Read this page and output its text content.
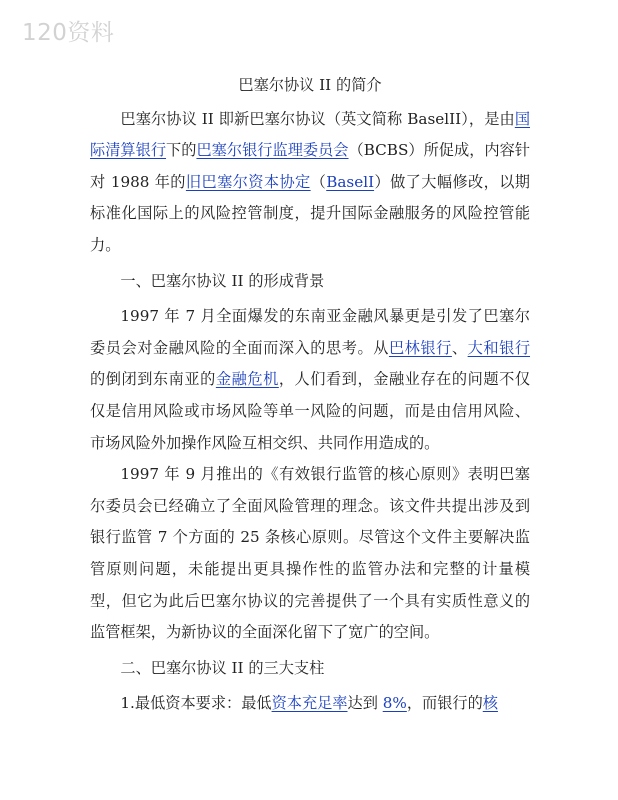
120资料
巴塞尔协议 II 的简介

巴塞尔协议 II 即新巴塞尔协议（英文简称 BaselII），是由国际清算银行下的巴塞尔银行监理委员会（BCBS）所促成，内容针对 1988 年的旧巴塞尔资本协定（BaselI）做了大幅修改，以期标准化国际上的风险控管制度，提升国际金融服务的风险控管能力。

一、巴塞尔协议 II 的形成背景

1997 年 7 月全面爆发的东南亚金融风暴更是引发了巴塞尔委员会对金融风险的全面而深入的思考。从巴林银行、大和银行的倒闭到东南亚的金融危机，人们看到，金融业存在的问题不仅仅是信用风险或市场风险等单一风险的问题，而是由信用风险、市场风险外加操作风险互相交织、共同作用造成的。

1997 年 9 月推出的《有效银行监管的核心原则》表明巴塞尔委员会已经确立了全面风险管理的理念。该文件共提出涉及到银行监管 7 个方面的 25 条核心原则。尽管这个文件主要解决监管原则问题，未能提出更具操作性的监管办法和完整的计量模型，但它为此后巴塞尔协议的完善提供了一个具有实质性意义的监管框架，为新协议的全面深化留下了宽广的空间。

二、巴塞尔协议 II 的三大支柱

1.最低资本要求：最低资本充足率达到 8%，而银行的核
